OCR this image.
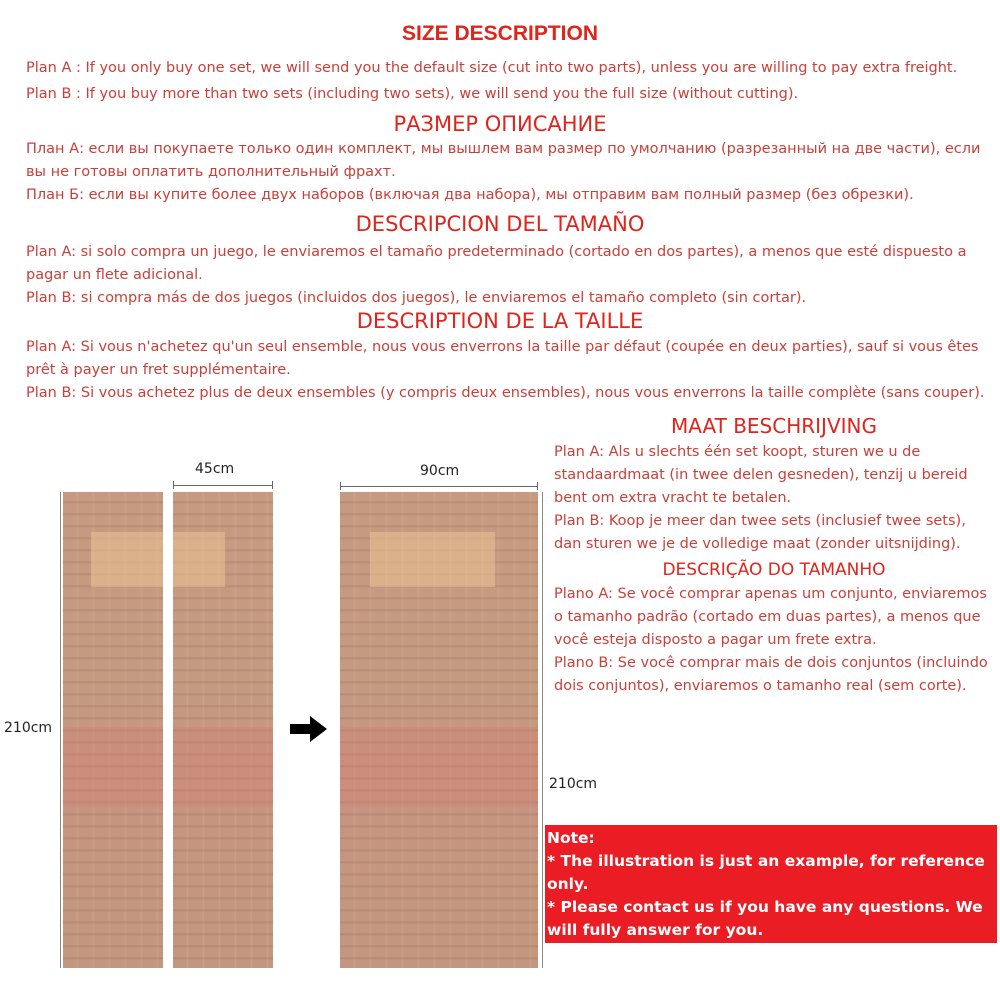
SIZE DESCRIPTION

Plan A : If you only buy one set, we will send you the default size (cut into two parts), unless you are willing to pay extra freight.

Plan B : If you buy more than two sets (including two sets), we will send you the full size (without cutting).

РАЗМЕР ОПИСАНИЕ

План А: если вы покупаете только один комплект, мы вышлем вам размер по умолчанию (разрезанный на две части), если вы не готовы оплатить дополнительный фрахт.

План Б: если вы купите более двух наборов (включая два набора), мы отправим вам полный размер (без обрезки).

DESCRIPCION DEL TAMAÑO

Plan A: si solo compra un juego, le enviaremos el tamaño predeterminado (cortado en dos partes), a menos que esté dispuesto a pagar un flete adicional.

Plan B: si compra más de dos juegos (incluidos dos juegos), le enviaremos el tamaño completo (sin cortar).

DESCRIPTION DE LA TAILLE

Plan A: Si vous n'achetez qu'un seul ensemble, nous vous enverrons la taille par défaut (coupée en deux parties), sauf si vous êtes prêt à payer un fret supplémentaire.

Plan B: Si vous achetez plus de deux ensembles (y compris deux ensembles), nous vous enverrons la taille complète (sans couper).

MAAT BESCHRIJVING

Plan A: Als u slechts één set koopt, sturen we u de standaardmaat (in twee delen gesneden), tenzij u bereid bent om extra vracht te betalen.

Plan B: Koop je meer dan twee sets (inclusief twee sets), dan sturen we je de volledige maat (zonder uitsnijding).

DESCRIÇÃO DO TAMANHO

Plano A: Se você comprar apenas um conjunto, enviaremos o tamanho padrão (cortado em duas partes), a menos que você esteja disposto a pagar um frete extra.

Plano B: Se você comprar mais de dois conjuntos (incluindo dois conjuntos), enviaremos o tamanho real (sem corte).

45cm	90cm
210cm
210cm

Note:

* The illustration is just an example, for reference only.

* Please contact us if you have any questions. We will fully answer for you.
